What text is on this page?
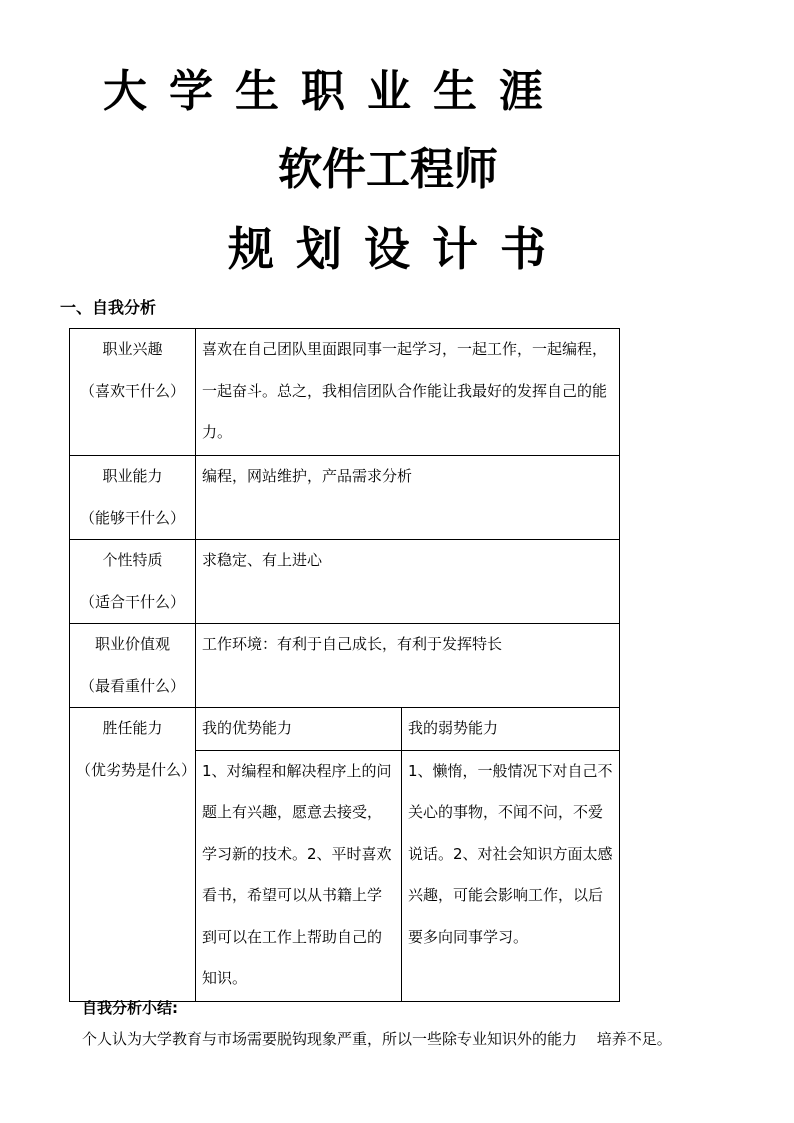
大学生职业生涯
软件工程师
规划设计书
一、自我分析
职业兴趣
（喜欢干什么）	喜欢在自己团队里面跟同事一起学习，一起工作，一起编程，一起奋斗。总之，我相信团队合作能让我最好的发挥自己的能力。	

职业能力
（能够干什么）	编程，网站维护，产品需求分析	

个性特质
（适合干什么）	求稳定、有上进心	

职业价值观
（最看重什么）	工作环境：有利于自己成长，有利于发挥特长	

胜任能力
（优劣势是什么）	我的优势能力	我的弱势能力
	1、对编程和解决程序上的问题上有兴趣，愿意去接受，学习新的技术。2、平时喜欢看书，希望可以从书籍上学到可以在工作上帮助自己的知识。	1、懒惰，一般情况下对自己不关心的事物，不闻不问，不爱说话。2、对社会知识方面太感兴趣，可能会影响工作，以后要多向同事学习。
自我分析小结:
个人认为大学教育与市场需要脱钩现象严重，所以一些除专业知识外的能力　 培养不足。
